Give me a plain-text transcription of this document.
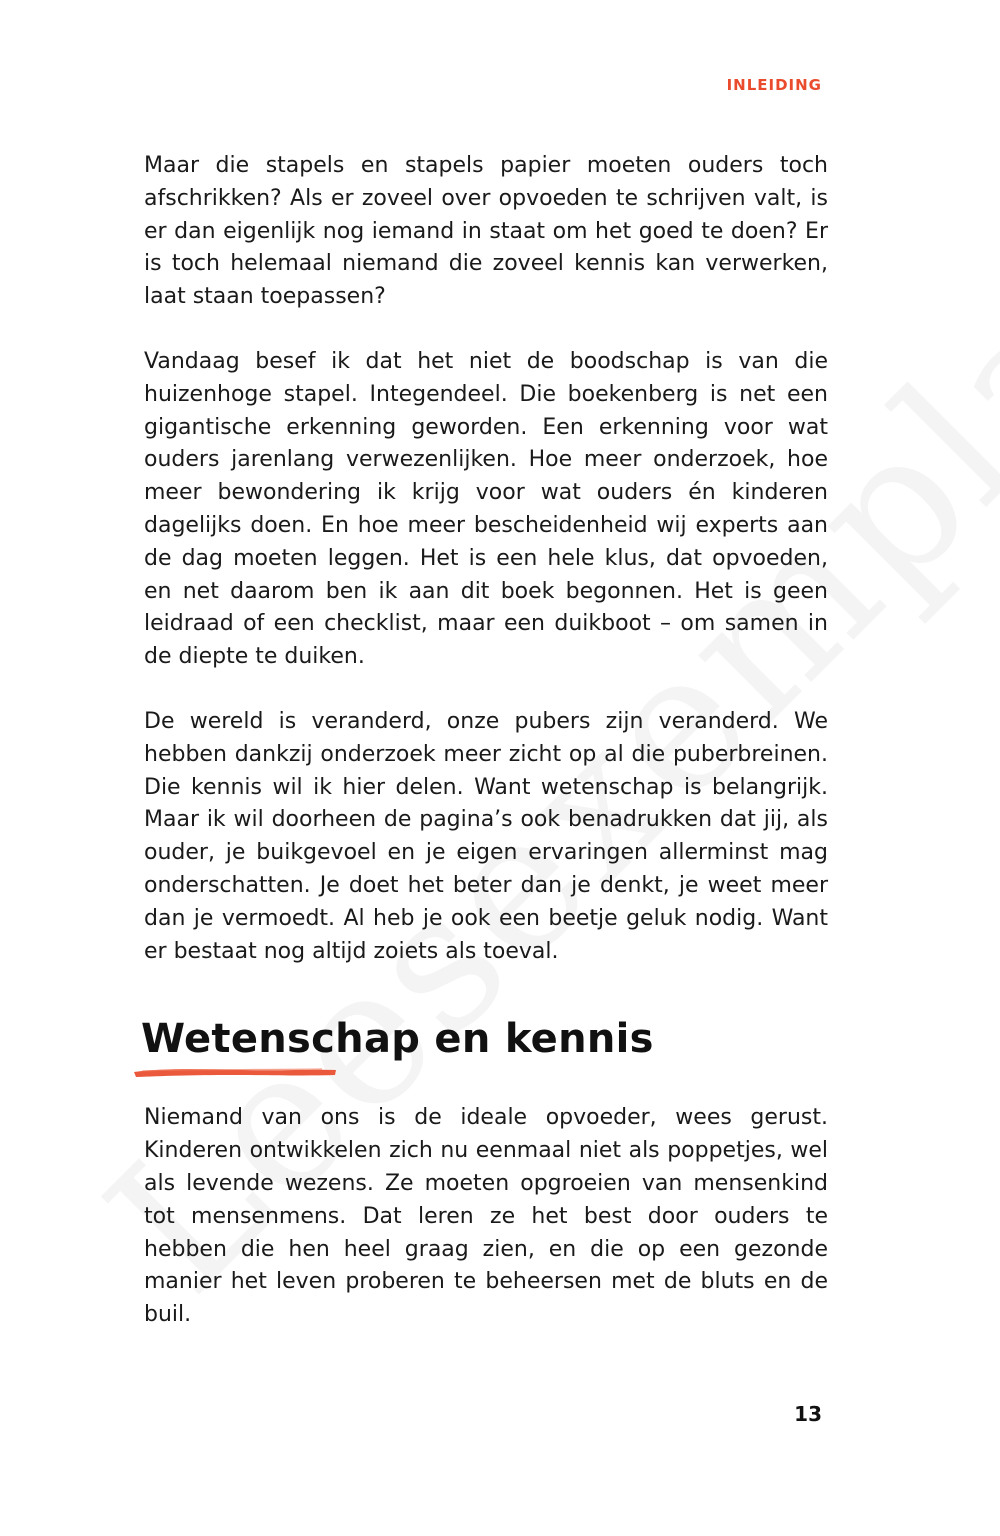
INLEIDING

Maar die stapels en stapels papier moeten ouders toch afschrikken? Als er zoveel over opvoeden te schrijven valt, is er dan eigenlijk nog iemand in staat om het goed te doen? Er is toch helemaal niemand die zoveel kennis kan verwerken, laat staan toepassen?

Vandaag besef ik dat het niet de boodschap is van die huizenhoge stapel. Integendeel. Die boekenberg is net een gigantische erkenning geworden. Een erkenning voor wat ouders jarenlang verwezenlijken. Hoe meer onderzoek, hoe meer bewondering ik krijg voor wat ouders én kinderen dagelijks doen. En hoe meer bescheidenheid wij experts aan de dag moeten leggen. Het is een hele klus, dat opvoeden, en net daarom ben ik aan dit boek begonnen. Het is geen leidraad of een checklist, maar een duikboot – om samen in de diepte te duiken.

De wereld is veranderd, onze pubers zijn veranderd. We hebben dankzij onderzoek meer zicht op al die puberbreinen. Die kennis wil ik hier delen. Want wetenschap is belangrijk. Maar ik wil doorheen de pagina’s ook benadrukken dat jij, als ouder, je buikgevoel en je eigen ervaringen allerminst mag onderschatten. Je doet het beter dan je denkt, je weet meer dan je vermoedt. Al heb je ook een beetje geluk nodig. Want er bestaat nog altijd zoiets als toeval.

Wetenschap en kennis

Niemand van ons is de ideale opvoeder, wees gerust. Kinderen ontwikkelen zich nu eenmaal niet als poppetjes, wel als levende wezens. Ze moeten opgroeien van mensenkind tot mensenmens. Dat leren ze het best door ouders te hebben die hen heel graag zien, en die op een gezonde manier het leven proberen te beheersen met de bluts en de buil.

13
